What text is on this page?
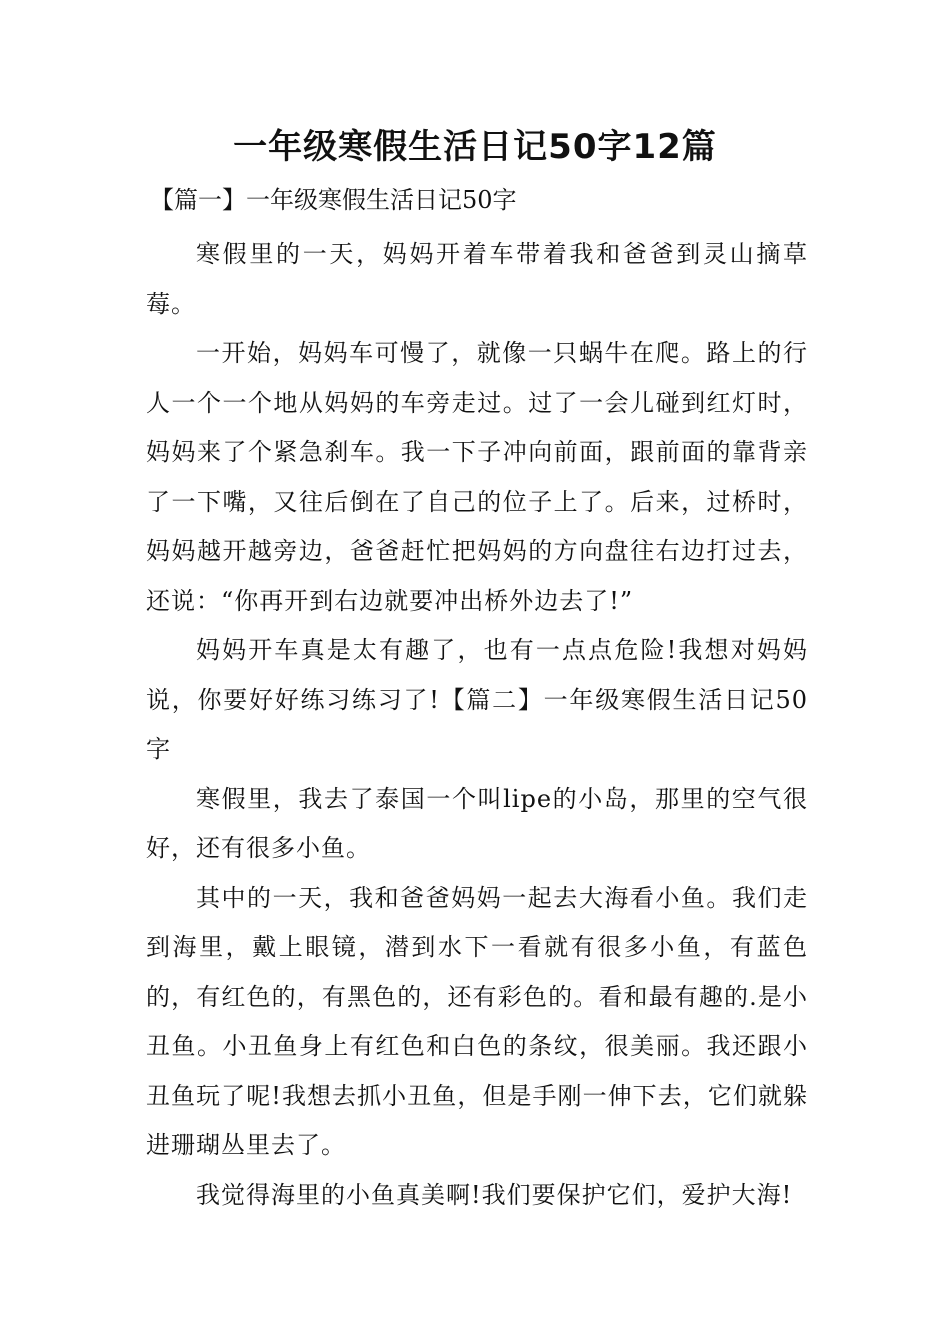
一年级寒假生活日记50字12篇
【篇一】一年级寒假生活日记50字

寒假里的一天，妈妈开着车带着我和爸爸到灵山摘草莓。

一开始，妈妈车可慢了，就像一只蜗牛在爬。路上的行人一个一个地从妈妈的车旁走过。过了一会儿碰到红灯时，妈妈来了个紧急刹车。我一下子冲向前面，跟前面的靠背亲了一下嘴，又往后倒在了自己的位子上了。后来，过桥时，妈妈越开越旁边，爸爸赶忙把妈妈的方向盘往右边打过去，还说：“你再开到右边就要冲出桥外边去了!”

妈妈开车真是太有趣了，也有一点点危险!我想对妈妈说，你要好好练习练习了!【篇二】一年级寒假生活日记50字

寒假里，我去了泰国一个叫lipe的小岛，那里的空气很好，还有很多小鱼。

其中的一天，我和爸爸妈妈一起去大海看小鱼。我们走到海里，戴上眼镜，潜到水下一看就有很多小鱼，有蓝色的，有红色的，有黑色的，还有彩色的。看和最有趣的.是小丑鱼。小丑鱼身上有红色和白色的条纹，很美丽。我还跟小丑鱼玩了呢!我想去抓小丑鱼，但是手刚一伸下去，它们就躲进珊瑚丛里去了。

我觉得海里的小鱼真美啊!我们要保护它们，爱护大海!
